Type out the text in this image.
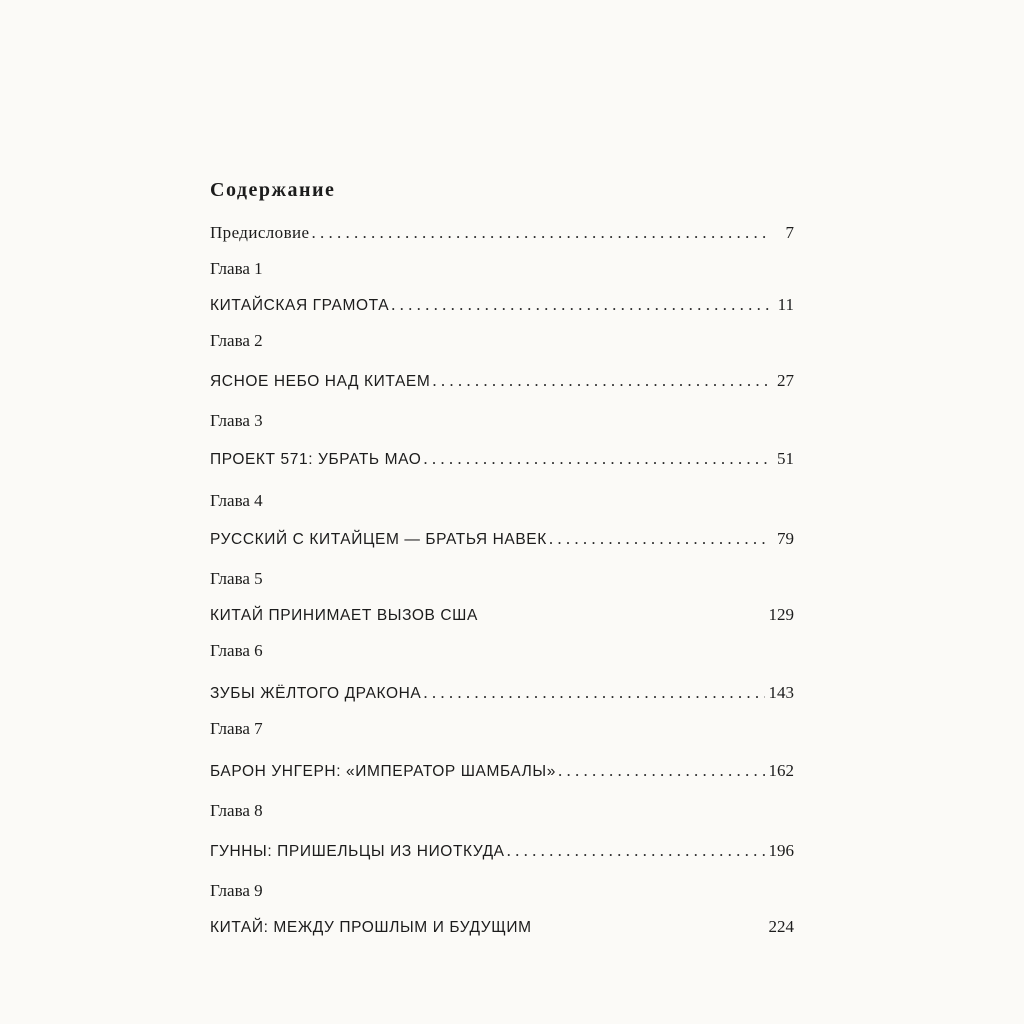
Содержание
Предисловие . . .	7
Глава 1
КИТАЙСКАЯ ГРАМОТА . . .	11
Глава 2
ЯСНОЕ НЕБО НАД КИТАЕМ . . .	27
Глава 3
ПРОЕКТ 571: УБРАТЬ МАО . . .	51
Глава 4
РУССКИЙ С КИТАЙЦЕМ — БРАТЬЯ НАВЕК . . .	79
Глава 5
КИТАЙ ПРИНИМАЕТ ВЫЗОВ США	129
Глава 6
ЗУБЫ ЖЁЛТОГО ДРАКОНА . . .	143
Глава 7
БАРОН УНГЕРН: «ИМПЕРАТОР ШАМБАЛЫ» . . .	162
Глава 8
ГУННЫ: ПРИШЕЛЬЦЫ ИЗ НИОТКУДА . . .	196
Глава 9
КИТАЙ: МЕЖДУ ПРОШЛЫМ И БУДУЩИМ	224
